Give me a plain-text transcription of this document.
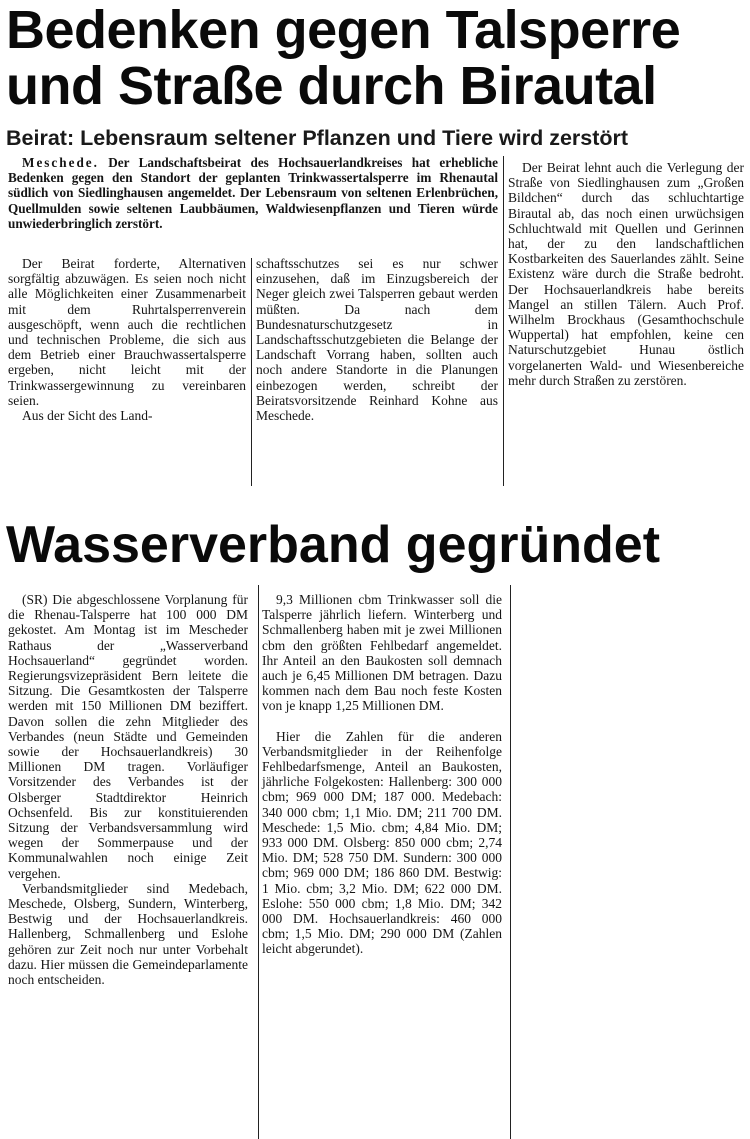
Bedenken gegen Talsperre
und Straße durch Birautal
Beirat: Lebensraum seltener Pflanzen und Tiere wird zerstört

Meschede. Der Landschaftsbeirat des Hochsauerlandkreises hat erhebliche Bedenken gegen den Standort der geplanten Trinkwassertalsperre im Rhenautal südlich von Siedlinghausen angemeldet. Der Lebensraum von seltenen Erlenbrüchen, Quellmulden sowie seltenen Laubbäumen, Waldwiesenpflanzen und Tieren würde unwiederbringlich zerstört.

Der Beirat forderte, Alternativen sorgfältig abzuwägen. Es seien noch nicht alle Möglichkeiten einer Zusammenarbeit mit dem Ruhrtalsperrenverein ausgeschöpft, wenn auch die rechtlichen und technischen Probleme, die sich aus dem Betrieb einer Brauchwassertalsperre ergeben, nicht leicht mit der Trinkwassergewinnung zu vereinbaren seien.

Aus der Sicht des Land-

schaftsschutzes sei es nur schwer einzusehen, daß im Einzugsbereich der Neger gleich zwei Talsperren gebaut werden müßten. Da nach dem Bundesnaturschutzgesetz in Landschaftsschutzgebieten die Belange der Landschaft Vorrang haben, sollten auch noch andere Standorte in die Planungen einbezogen werden, schreibt der Beiratsvorsitzende Reinhard Kohne aus Meschede.

Der Beirat lehnt auch die Verlegung der Straße von Siedlinghausen zum „Großen Bildchen“ durch das schluchtartige Birautal ab, das noch einen urwüchsigen Schluchtwald mit Quellen und Gerinnen hat, der zu den landschaftlichen Kostbarkeiten des Sauerlandes zählt. Seine Existenz wäre durch die Straße bedroht. Der Hochsauerlandkreis habe bereits Mangel an stillen Tälern. Auch Prof. Wilhelm Brockhaus (Gesamthochschule Wuppertal) hat empfohlen, keine cen Naturschutzgebiet Hunau östlich vorgelanerten Wald- und Wiesenbereiche mehr durch Straßen zu zerstören.

Wasserverband gegründet

(SR) Die abgeschlossene Vorplanung für die Rhenau-Talsperre hat 100 000 DM gekostet. Am Montag ist im Mescheder Rathaus der „Wasserverband Hochsauerland“ gegründet worden. Regierungsvizepräsident Bern leitete die Sitzung. Die Gesamtkosten der Talsperre werden mit 150 Millionen DM beziffert. Davon sollen die zehn Mitglieder des Verbandes (neun Städte und Gemeinden sowie der Hochsauerlandkreis) 30 Millionen DM tragen. Vorläufiger Vorsitzender des Verbandes ist der Olsberger Stadtdirektor Heinrich Ochsenfeld. Bis zur konstituierenden Sitzung der Verbandsversammlung wird wegen der Sommerpause und der Kommunalwahlen noch einige Zeit vergehen.

Verbandsmitglieder sind Medebach, Meschede, Olsberg, Sundern, Winterberg, Bestwig und der Hochsauerlandkreis. Hallenberg, Schmallenberg und Eslohe gehören zur Zeit noch nur unter Vorbehalt dazu. Hier müssen die Gemeindeparlamente noch entscheiden.

9,3 Millionen cbm Trinkwasser soll die Talsperre jährlich liefern. Winterberg und Schmallenberg haben mit je zwei Millionen cbm den größten Fehlbedarf angemeldet. Ihr Anteil an den Baukosten soll demnach auch je 6,45 Millionen DM betragen. Dazu kommen nach dem Bau noch feste Kosten von je knapp 1,25 Millionen DM.

Hier die Zahlen für die anderen Verbandsmitglieder in der Reihenfolge Fehlbedarfsmenge, Anteil an Baukosten, jährliche Folgekosten: Hallenberg: 300 000 cbm; 969 000 DM; 187 000. Medebach: 340 000 cbm; 1,1 Mio. DM; 211 700 DM. Meschede: 1,5 Mio. cbm; 4,84 Mio. DM; 933 000 DM. Olsberg: 850 000 cbm; 2,74 Mio. DM; 528 750 DM. Sundern: 300 000 cbm; 969 000 DM; 186 860 DM. Bestwig: 1 Mio. cbm; 3,2 Mio. DM; 622 000 DM. Eslohe: 550 000 cbm; 1,8 Mio. DM; 342 000 DM. Hochsauerlandkreis: 460 000 cbm; 1,5 Mio. DM; 290 000 DM (Zahlen leicht abgerundet).
